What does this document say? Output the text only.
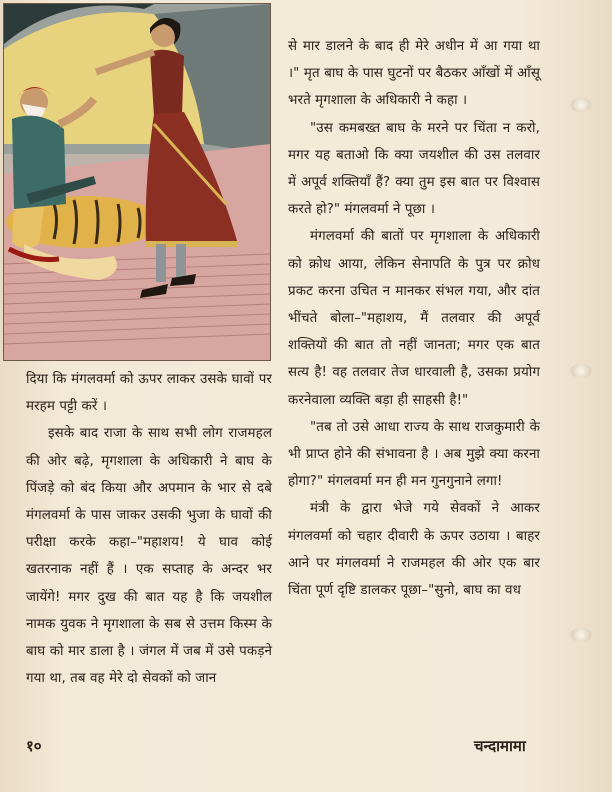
दिया कि मंगलवर्मा को ऊपर लाकर उसके घावों पर मरहम पट्टी करें ।

इसके बाद राजा के साथ सभी लोग राजमहल की ओर बढ़े, मृगशाला के अधिकारी ने बाघ के पिंजड़े को बंद किया और अपमान के भार से दबे मंगलवर्मा के पास जाकर उसकी भुजा के घावों की परीक्षा करके कहा–"महाशय! ये घाव कोई खतरनाक नहीं हैं । एक सप्ताह के अन्दर भर जायेंगे! मगर दुख की बात यह है कि जयशील नामक युवक ने मृगशाला के सब से उत्तम किस्म के बाघ को मार डाला है । जंगल में जब में उसे पकड़ने गया था, तब वह मेरे दो सेवकों को जान

से मार डालने के बाद ही मेरे अधीन में आ गया था ।" मृत बाघ के पास घुटनों पर बैठकर आँखों में आँसू भरते मृगशाला के अधिकारी ने कहा ।

"उस कमबख्त बाघ के मरने पर चिंता न करो, मगर यह बताओ कि क्या जयशील की उस तलवार में अपूर्व शक्तियाँ हैं? क्या तुम इस बात पर विश्वास करते हो?" मंगलवर्मा ने पूछा ।

मंगलवर्मा की बातों पर मृगशाला के अधिकारी को क्रोध आया, लेकिन सेनापति के पुत्र पर क्रोध प्रकट करना उचित न मानकर संभल गया, और दांत भींचते बोला–"महाशय, मैं तलवार की अपूर्व शक्तियों की बात तो नहीं जानता; मगर एक बात सत्य है! वह तलवार तेज धारवाली है, उसका प्रयोग करनेवाला व्यक्ति बड़ा ही साहसी है!"

"तब तो उसे आधा राज्य के साथ राजकुमारी के भी प्राप्त होने की संभावना है । अब मुझे क्या करना होगा?" मंगलवर्मा मन ही मन गुनगुनाने लगा!

मंत्री के द्वारा भेजे गये सेवकों ने आकर मंगलवर्मा को चहार दीवारी के ऊपर उठाया । बाहर आने पर मंगलवर्मा ने राजमहल की ओर एक बार चिंता पूर्ण दृष्टि डालकर पूछा–"सुनो, बाघ का वध

१०	चन्दामामा
